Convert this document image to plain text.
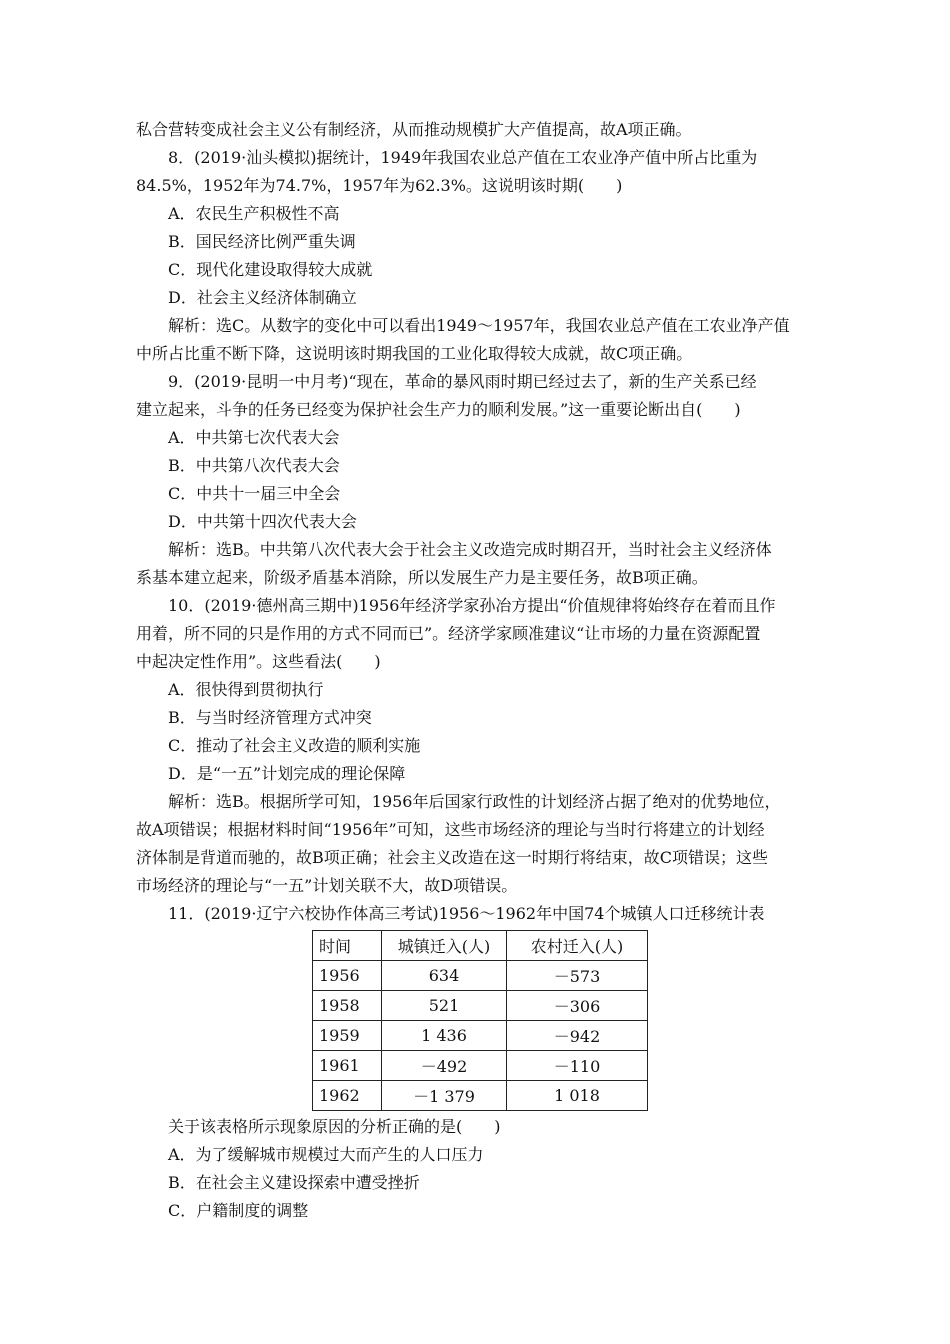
私合营转变成社会主义公有制经济，从而推动规模扩大产值提高，故A项正确。
8．(2019·汕头模拟)据统计，1949年我国农业总产值在工农业净产值中所占比重为
84.5%，1952年为74.7%，1957年为62.3%。这说明该时期(　　)
A．农民生产积极性不高
B．国民经济比例严重失调
C．现代化建设取得较大成就
D．社会主义经济体制确立
解析：选C。从数字的变化中可以看出1949～1957年，我国农业总产值在工农业净产值
中所占比重不断下降，这说明该时期我国的工业化取得较大成就，故C项正确。
9．(2019·昆明一中月考)“现在，革命的暴风雨时期已经过去了，新的生产关系已经
建立起来，斗争的任务已经变为保护社会生产力的顺利发展。”这一重要论断出自(　　)
A．中共第七次代表大会
B．中共第八次代表大会
C．中共十一届三中全会
D．中共第十四次代表大会
解析：选B。中共第八次代表大会于社会主义改造完成时期召开，当时社会主义经济体
系基本建立起来，阶级矛盾基本消除，所以发展生产力是主要任务，故B项正确。
10．(2019·德州高三期中)1956年经济学家孙冶方提出“价值规律将始终存在着而且作
用着，所不同的只是作用的方式不同而已”。经济学家顾准建议“让市场的力量在资源配置
中起决定性作用”。这些看法(　　)
A．很快得到贯彻执行
B．与当时经济管理方式冲突
C．推动了社会主义改造的顺利实施
D．是“一五”计划完成的理论保障
解析：选B。根据所学可知，1956年后国家行政性的计划经济占据了绝对的优势地位，
故A项错误；根据材料时间“1956年”可知，这些市场经济的理论与当时行将建立的计划经
济体制是背道而驰的，故B项正确；社会主义改造在这一时期行将结束，故C项错误；这些
市场经济的理论与“一五”计划关联不大，故D项错误。
11．(2019·辽宁六校协作体高三考试)1956～1962年中国74个城镇人口迁移统计表
时间	城镇迁入(人)	农村迁入(人)
1956	634	－573
1958	521	－306
1959	1 436	－942
1961	－492	－110
1962	－1 379	1 018
关于该表格所示现象原因的分析正确的是(　　)
A．为了缓解城市规模过大而产生的人口压力
B．在社会主义建设探索中遭受挫折
C．户籍制度的调整
